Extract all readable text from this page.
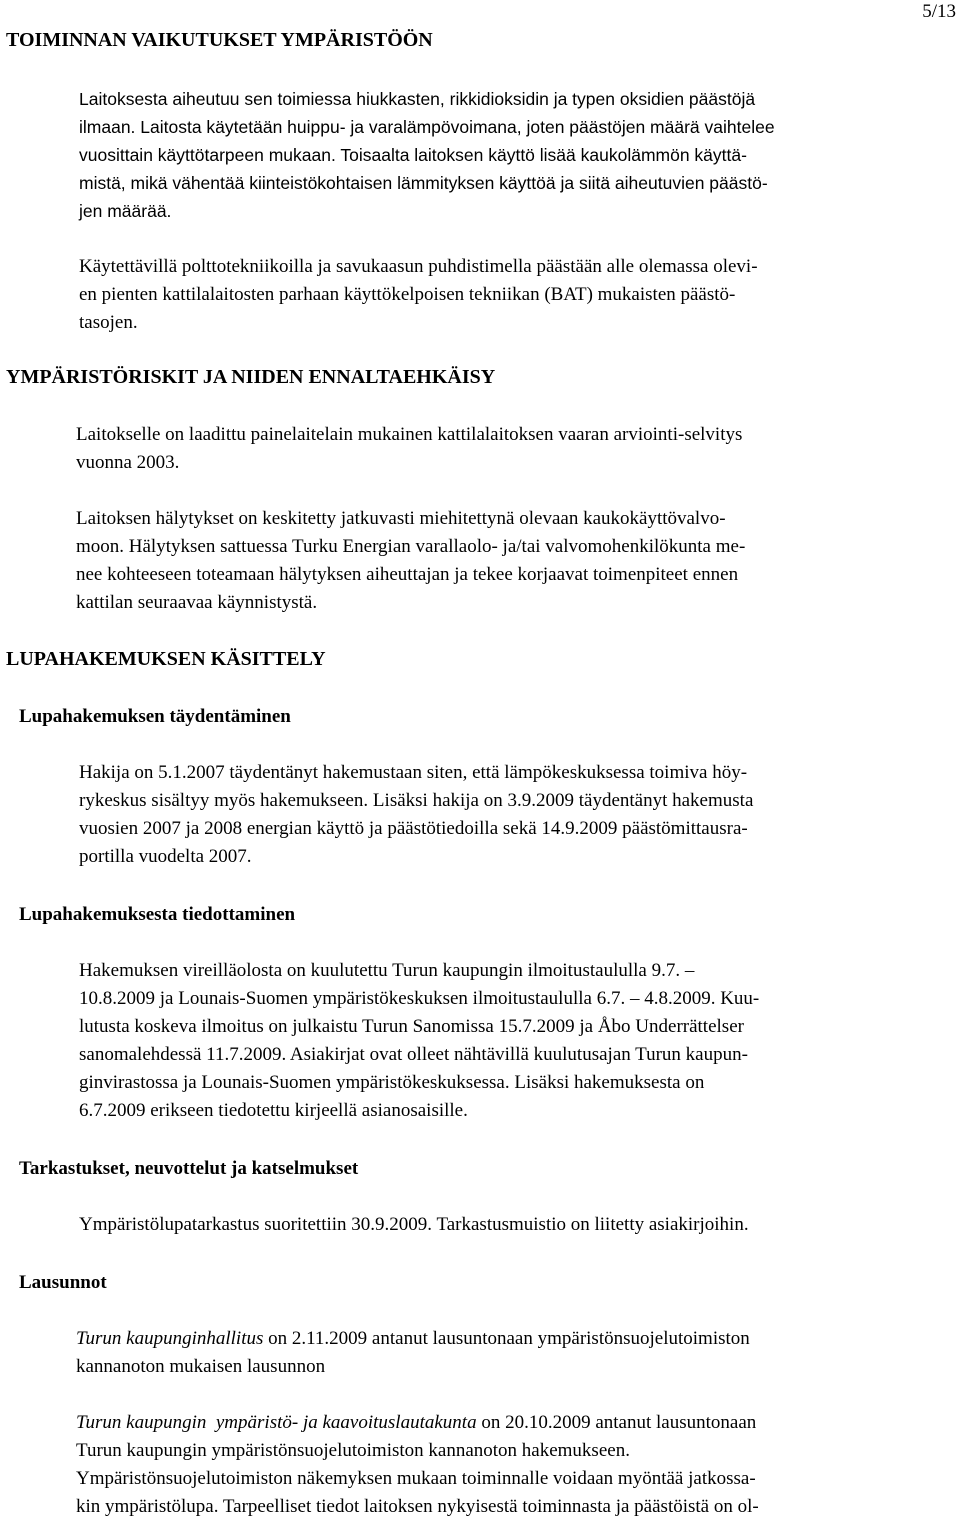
5/13
TOIMINNAN VAIKUTUKSET YMPÄRISTÖÖN
Laitoksesta aiheutuu sen toimiessa hiukkasten, rikkidioksidin ja typen oksidien päästöjä
ilmaan. Laitosta käytetään huippu- ja varalämpövoimana, joten päästöjen määrä vaihtelee
vuosittain käyttötarpeen mukaan. Toisaalta laitoksen käyttö lisää kaukolämmön käyttä-
mistä, mikä vähentää kiinteistökohtaisen lämmityksen käyttöä ja siitä aiheutuvien päästö-
jen määrää.
Käytettävillä polttotekniikoilla ja savukaasun puhdistimella päästään alle olemassa olevi-
en pienten kattilalaitosten parhaan käyttökelpoisen tekniikan (BAT) mukaisten päästö-
tasojen.
YMPÄRISTÖRISKIT JA NIIDEN ENNALTAEHKÄISY
Laitokselle on laadittu painelaitelain mukainen kattilalaitoksen vaaran arviointi-selvitys
vuonna 2003.
Laitoksen hälytykset on keskitetty jatkuvasti miehitettynä olevaan kaukokäyttövalvo-
moon. Hälytyksen sattuessa Turku Energian varallaolo- ja/tai valvomohenkilökunta me-
nee kohteeseen toteamaan hälytyksen aiheuttajan ja tekee korjaavat toimenpiteet ennen
kattilan seuraavaa käynnistystä.
LUPAHAKEMUKSEN KÄSITTELY
Lupahakemuksen täydentäminen
Hakija on 5.1.2007 täydentänyt hakemustaan siten, että lämpökeskuksessa toimiva höy-
rykeskus sisältyy myös hakemukseen. Lisäksi hakija on 3.9.2009 täydentänyt hakemusta
vuosien 2007 ja 2008 energian käyttö ja päästötiedoilla sekä 14.9.2009 päästömittausra-
portilla vuodelta 2007.
Lupahakemuksesta tiedottaminen
Hakemuksen vireilläolosta on kuulutettu Turun kaupungin ilmoitustaululla 9.7. –
10.8.2009 ja Lounais-Suomen ympäristökeskuksen ilmoitustaululla 6.7. – 4.8.2009. Kuu-
lutusta koskeva ilmoitus on julkaistu Turun Sanomissa 15.7.2009 ja Åbo Underrättelser
sanomalehdessä 11.7.2009. Asiakirjat ovat olleet nähtävillä kuulutusajan Turun kaupun-
ginvirastossa ja Lounais-Suomen ympäristökeskuksessa. Lisäksi hakemuksesta on
6.7.2009 erikseen tiedotettu kirjeellä asianosaisille.
Tarkastukset, neuvottelut ja katselmukset
Ympäristölupatarkastus suoritettiin 30.9.2009. Tarkastusmuistio on liitetty asiakirjoihin.
Lausunnot
Turun kaupunginhallitus on 2.11.2009 antanut lausuntonaan ympäristönsuojelutoimiston
kannanoton mukaisen lausunnon
Turun kaupungin  ympäristö- ja kaavoituslautakunta on 20.10.2009 antanut lausuntonaan
Turun kaupungin ympäristönsuojelutoimiston kannanoton hakemukseen.
Ympäristönsuojelutoimiston näkemyksen mukaan toiminnalle voidaan myöntää jatkossa-
kin ympäristölupa. Tarpeelliset tiedot laitoksen nykyisestä toiminnasta ja päästöistä on ol-
